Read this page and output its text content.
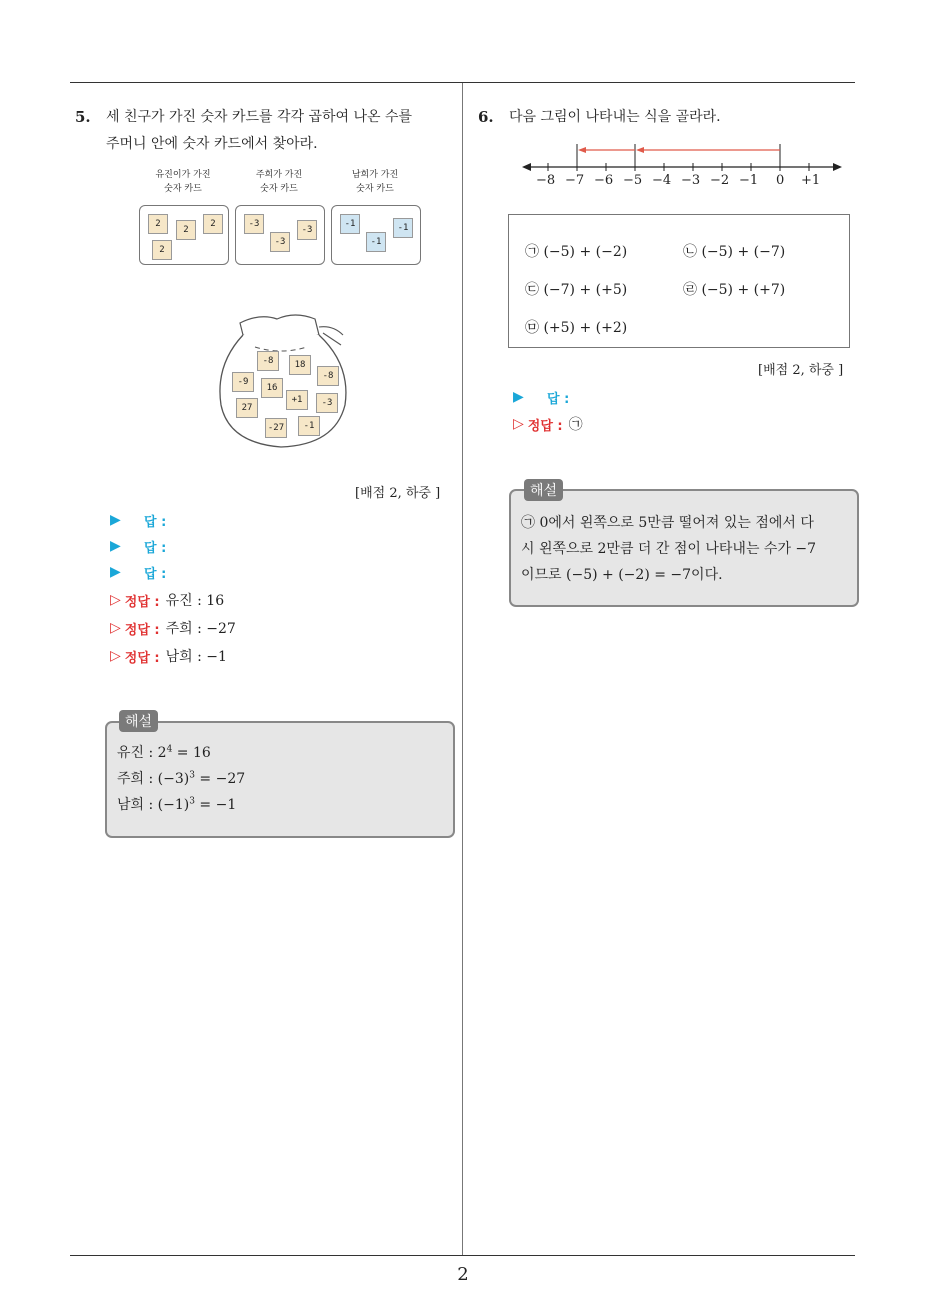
2
5. 세 친구가 가진 숫자 카드를 각각 곱하여 나온 수를
주머니 안에 숫자 카드에서 찾아라.
유진이가 가진
숫자 카드
주희가 가진
숫자 카드
남희가 가진
숫자 카드
2
2
2
2
-3
-3
-3
-1	-1
-1
-8	18
-9
16
-8
27
+1	-3
-27	-1
[배점 2, 하중 ]
▶	답 :
▶	답 :
▶	답 :
▷ 정답 : 유진 : 16
▷ 정답 : 주희 : −27
▷ 정답 : 남희 : −1
해설
유진 : $2^4 = 16$
주희 : $(-3)^3 = -27$
남희 : $(-1)^3 = -1$
6. 다음 그림이 나타내는 식을 골라라.
−8 −7 −6 −5 −4 −3 −2 −1 0 +1
㉠ (−5) + (−2)	㉡ (−5) + (−7)
㉢ (−7) + (+5)	㉣ (−5) + (+7)
㉤ (+5) + (+2)
[배점 2, 하중 ]
▶	답 :
▷ 정답 : ㉠
해설
㉠ 0에서 왼쪽으로 5만큼 떨어져 있는 점에서 다
시 왼쪽으로 2만큼 더 간 점이 나타내는 수가 −7
이므로 (−5) + (−2) = −7이다.
